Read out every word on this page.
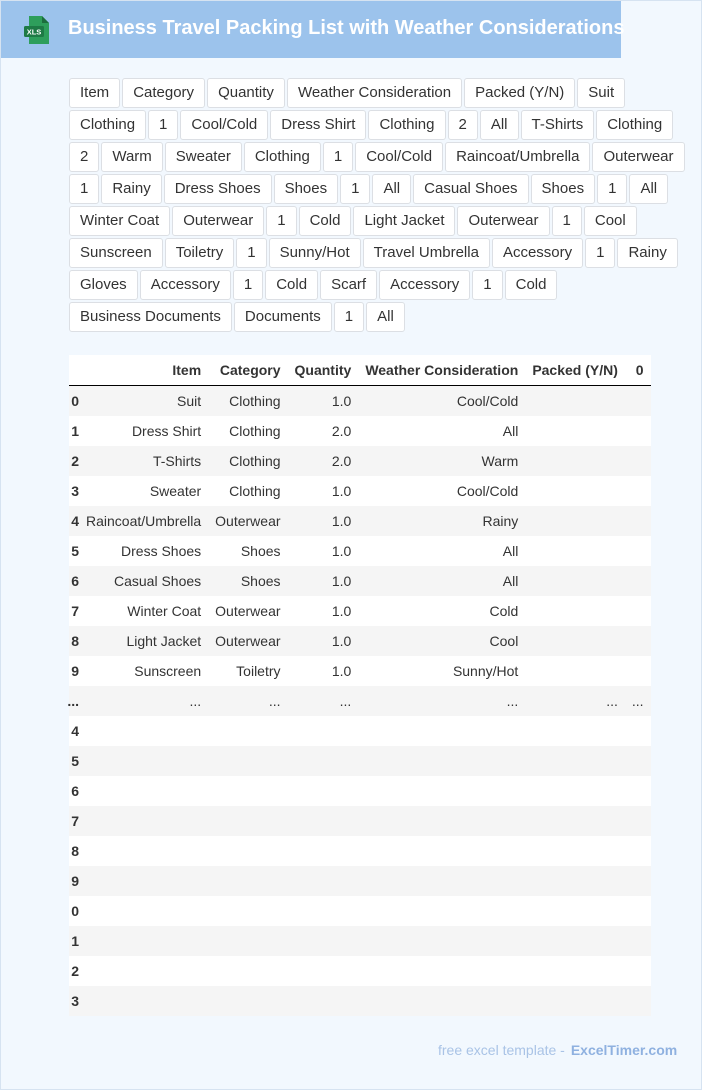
XLS Business Travel Packing List with Weather Considerations
Item	Category	Quantity	Weather Consideration	Packed (Y/N)	Suit
Clothing	1	Cool/Cold	Dress Shirt	Clothing	2	All	T-Shirts	Clothing
2	Warm	Sweater	Clothing	1	Cool/Cold	Raincoat/Umbrella	Outerwear
1	Rainy	Dress Shoes	Shoes	1	All	Casual Shoes	Shoes	1	All
Winter Coat	Outerwear	1	Cold	Light Jacket	Outerwear	1	Cool
Sunscreen	Toiletry	1	Sunny/Hot	Travel Umbrella	Accessory	1	Rainy
Gloves	Accessory	1	Cold	Scarf	Accessory	1	Cold
Business Documents	Documents	1	All
	Item	Category	Quantity	Weather Consideration	Packed (Y/N)	0
0	Suit	Clothing	1.0	Cool/Cold		
1	Dress Shirt	Clothing	2.0	All		
2	T-Shirts	Clothing	2.0	Warm		
3	Sweater	Clothing	1.0	Cool/Cold		
4	Raincoat/Umbrella	Outerwear	1.0	Rainy		
5	Dress Shoes	Shoes	1.0	All		
6	Casual Shoes	Shoes	1.0	All		
7	Winter Coat	Outerwear	1.0	Cold		
8	Light Jacket	Outerwear	1.0	Cool		
9	Sunscreen	Toiletry	1.0	Sunny/Hot		
...	...	...	...	...	...	...
4						
5						
6						
7						
8						
9						
0						
1						
2						
3						
free excel template - ExcelTimer.com
